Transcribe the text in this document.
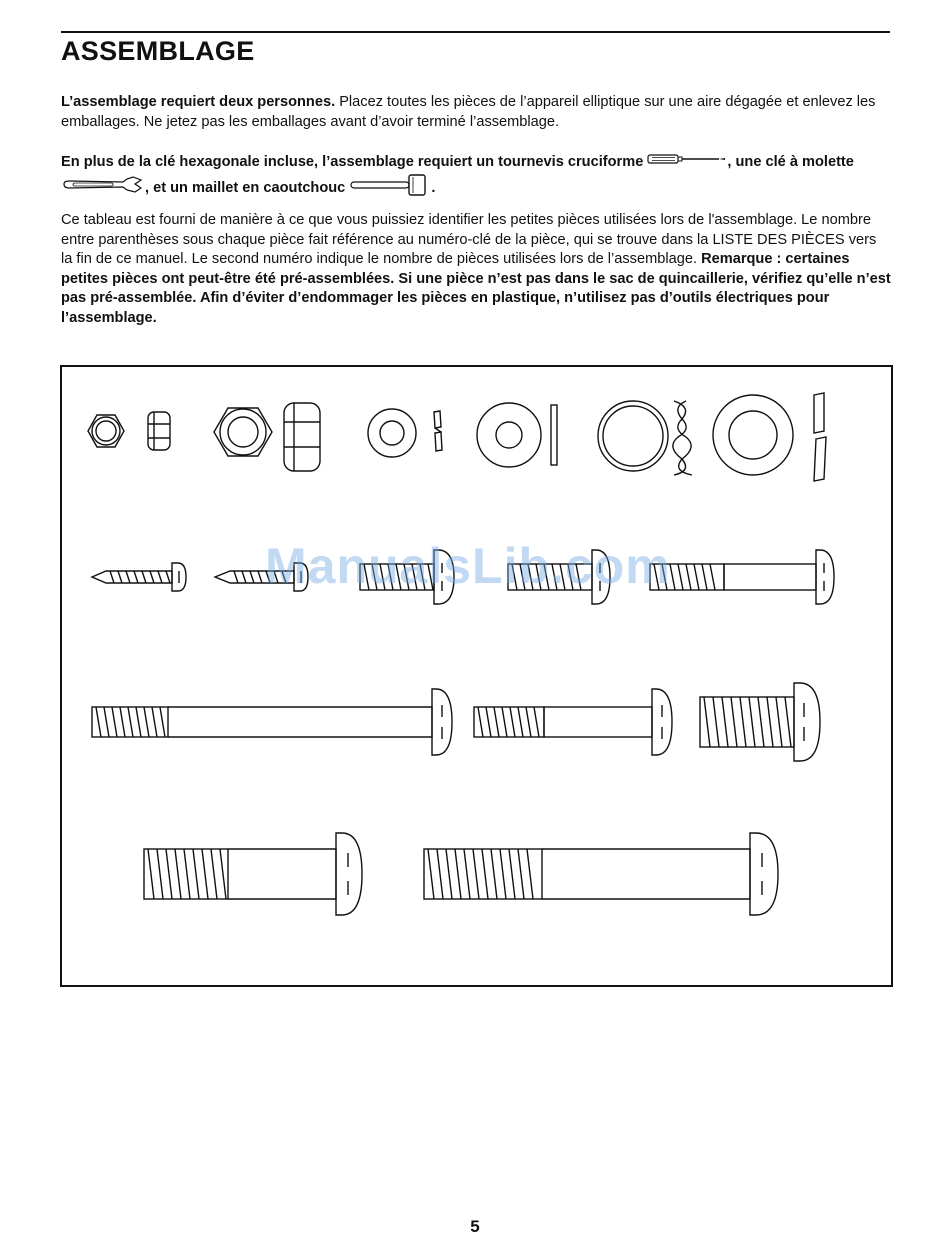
ASSEMBLAGE

L’assemblage requiert deux personnes. Placez toutes les pièces de l’appareil elliptique sur une aire dégagée et enlevez les emballages. Ne jetez pas les emballages avant d’avoir terminé l’assemblage.

En plus de la clé hexagonale incluse, l’assemblage requiert un tournevis cruciforme	, une clé à molette , et un maillet en caoutchouc	.

Ce tableau est fourni de manière à ce que vous puissiez identifier les petites pièces utilisées lors de l'assemblage. Le nombre entre parenthèses sous chaque pièce fait référence au numéro-clé de la pièce, qui se trouve dans la LISTE DES PIÈCES vers la fin de ce manuel. Le second numéro indique le nombre de pièces utilisées lors de l’assemblage. Remarque : certaines petites pièces ont peut-être été pré-assemblées. Si une pièce n’est pas dans le sac de quincaillerie, vérifiez qu’elle n’est pas pré-assemblée. Afin d’éviter d’endommager les pièces en plastique, n’utilisez pas d’outils électriques pour l’assemblage.

ManualsLib.com
5
